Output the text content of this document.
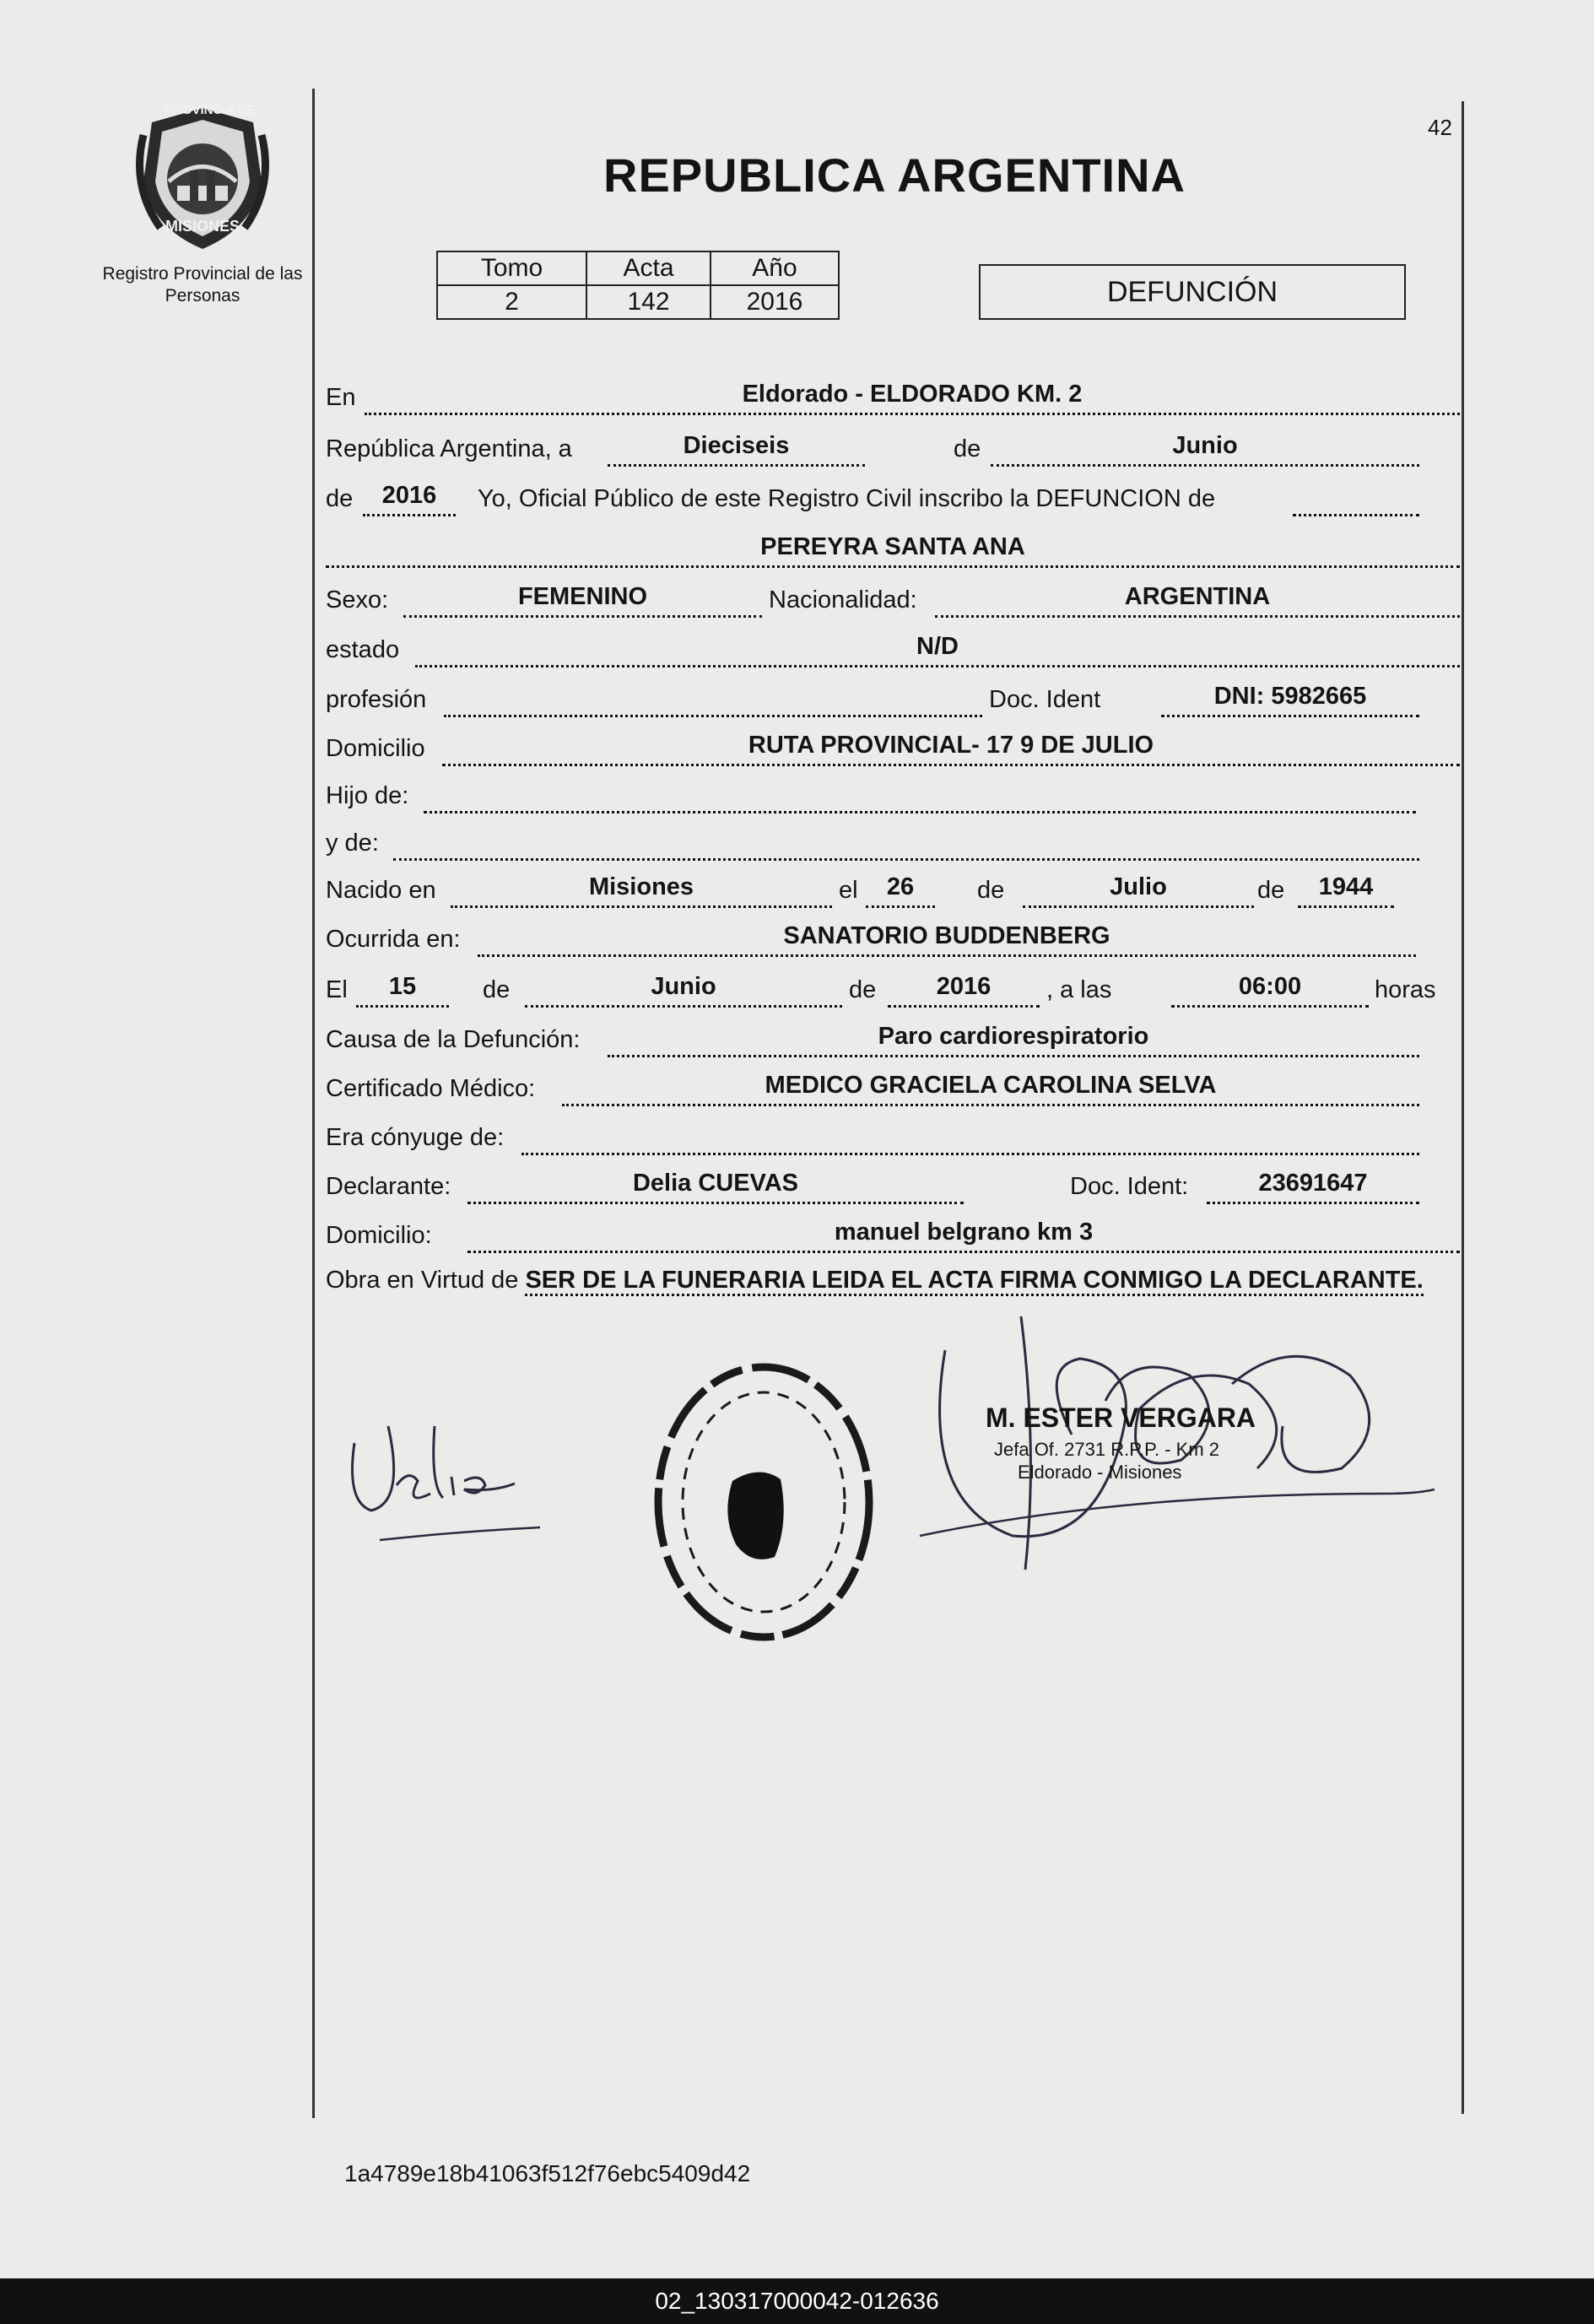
PROVINCIA DE
MISIONES
Registro Provincial de las Personas
42
REPUBLICA ARGENTINA
Tomo	Acta	Año
2	142	2016	DEFUNCIÓN
En	Eldorado - ELDORADO KM. 2
República Argentina, a	Dieciseis	de	Junio
de	2016	Yo, Oficial Público de este Registro Civil inscribo la DEFUNCION de
PEREYRA SANTA ANA
Sexo:	FEMENINO	Nacionalidad:	ARGENTINA
estado	N/D
profesión	Doc. Ident	DNI: 5982665
Domicilio	RUTA PROVINCIAL- 17 9 DE JULIO
Hijo de:
y de:
Nacido en	Misiones	el	26	de	Julio	de	1944
Ocurrida en:	SANATORIO BUDDENBERG
El	15	de	Junio	de	2016	, a las	06:00	horas
Causa de la Defunción:	Paro cardiorespiratorio
Certificado Médico:	MEDICO GRACIELA CAROLINA SELVA
Era cónyuge de:
Declarante:	Delia CUEVAS	Doc. Ident:	23691647
Domicilio:	manuel belgrano km 3
Obra en Virtud de SER DE LA FUNERARIA LEIDA EL ACTA FIRMA CONMIGO LA DECLARANTE.
M. ESTER VERGARA
Jefa Of. 2731 R.P.P. - Km 2
Eldorado - Misiones
1a4789e18b41063f512f76ebc5409d42
02_130317000042-012636
